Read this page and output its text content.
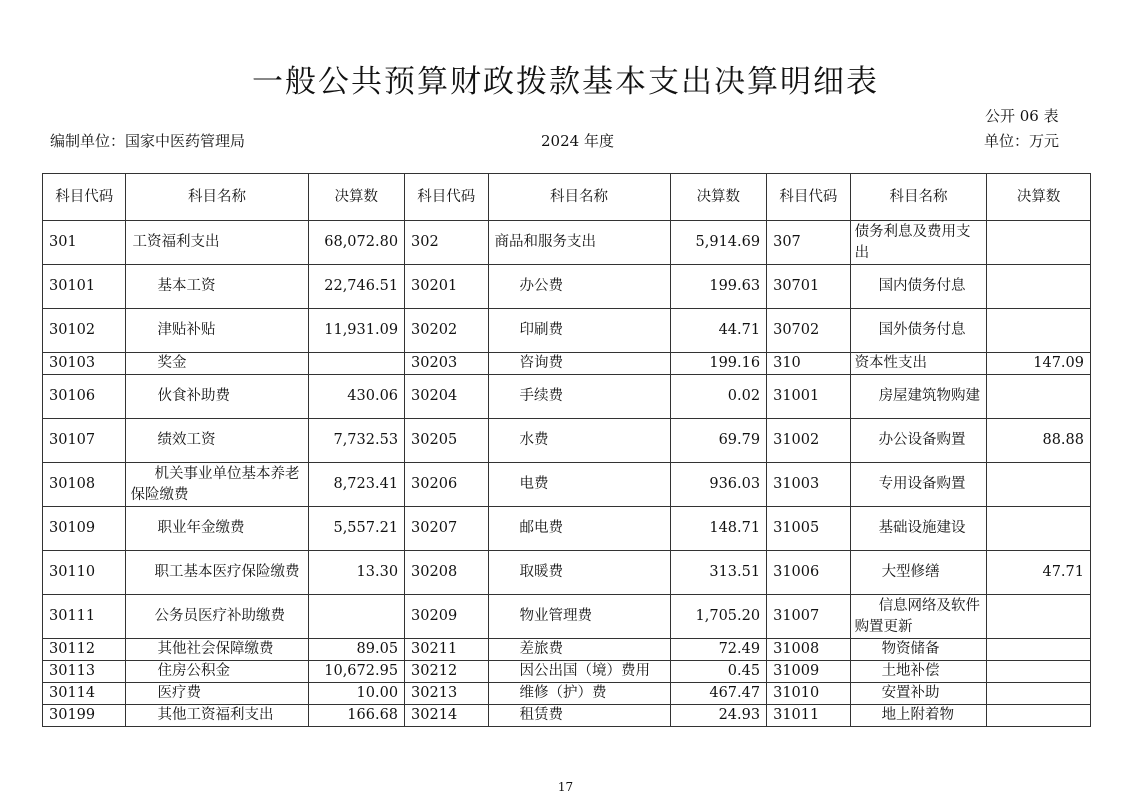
一般公共预算财政拨款基本支出决算明细表
公开 06 表
编制单位：国家中医药管理局	2024 年度	单位：万元
科目代码	科目名称	决算数	科目代码	科目名称	决算数	科目代码	科目名称	决算数
301	工资福利支出	68,072.80	302	商品和服务支出	5,914.69	307	债务利息及费用支出	
30101	基本工资	22,746.51	30201	办公费	199.63	30701	国内债务付息	
30102	津贴补贴	11,931.09	30202	印刷费	44.71	30702	国外债务付息	
30103	奖金		30203	咨询费	199.16	310	资本性支出	147.09
30106	伙食补助费	430.06	30204	手续费	0.02	31001	房屋建筑物购建	
30107	绩效工资	7,732.53	30205	水费	69.79	31002	办公设备购置	88.88
30108	机关事业单位基本养老保险缴费	8,723.41	30206	电费	936.03	31003	专用设备购置	
30109	职业年金缴费	5,557.21	30207	邮电费	148.71	31005	基础设施建设	
30110	职工基本医疗保险缴费	13.30	30208	取暖费	313.51	31006	大型修缮	47.71
30111	公务员医疗补助缴费		30209	物业管理费	1,705.20	31007	信息网络及软件购置更新	
30112	其他社会保障缴费	89.05	30211	差旅费	72.49	31008	物资储备	
30113	住房公积金	10,672.95	30212	因公出国（境）费用	0.45	31009	土地补偿	
30114	医疗费	10.00	30213	维修（护）费	467.47	31010	安置补助	
30199	其他工资福利支出	166.68	30214	租赁费	24.93	31011	地上附着物	
17
